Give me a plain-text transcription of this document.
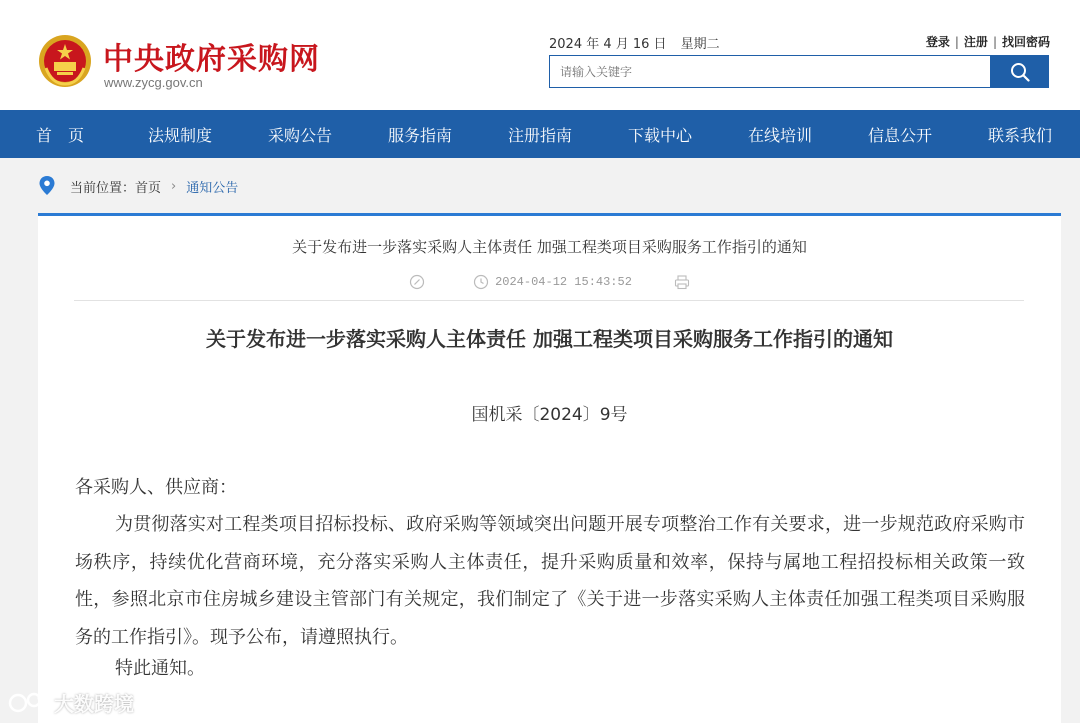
中央政府采购网
www.zycg.gov.cn
2024 年 4 月 16 日 星期二	登录 | 注册 | 找回密码
请输入关键字
首　页	法规制度	采购公告	服务指南	注册指南	下载中心	在线培训	信息公开	联系我们
当前位置： 首页 › 通知公告
关于发布进一步落实采购人主体责任 加强工程类项目采购服务工作指引的通知
2024-04-12 15:43:52
关于发布进一步落实采购人主体责任 加强工程类项目采购服务工作指引的通知
国机采〔2024〕9号
各采购人、供应商：
为贯彻落实对工程类项目招标投标、政府采购等领域突出问题开展专项整治工作有关要求，进一步规范政府采购市场秩序，持续优化营商环境，充分落实采购人主体责任，提升采购质量和效率，保持与属地工程招投标相关政策一致性，参照北京市住房城乡建设主管部门有关规定，我们制定了《关于进一步落实采购人主体责任加强工程类项目采购服务的工作指引》。现予公布，请遵照执行。
特此通知。
大数跨境
